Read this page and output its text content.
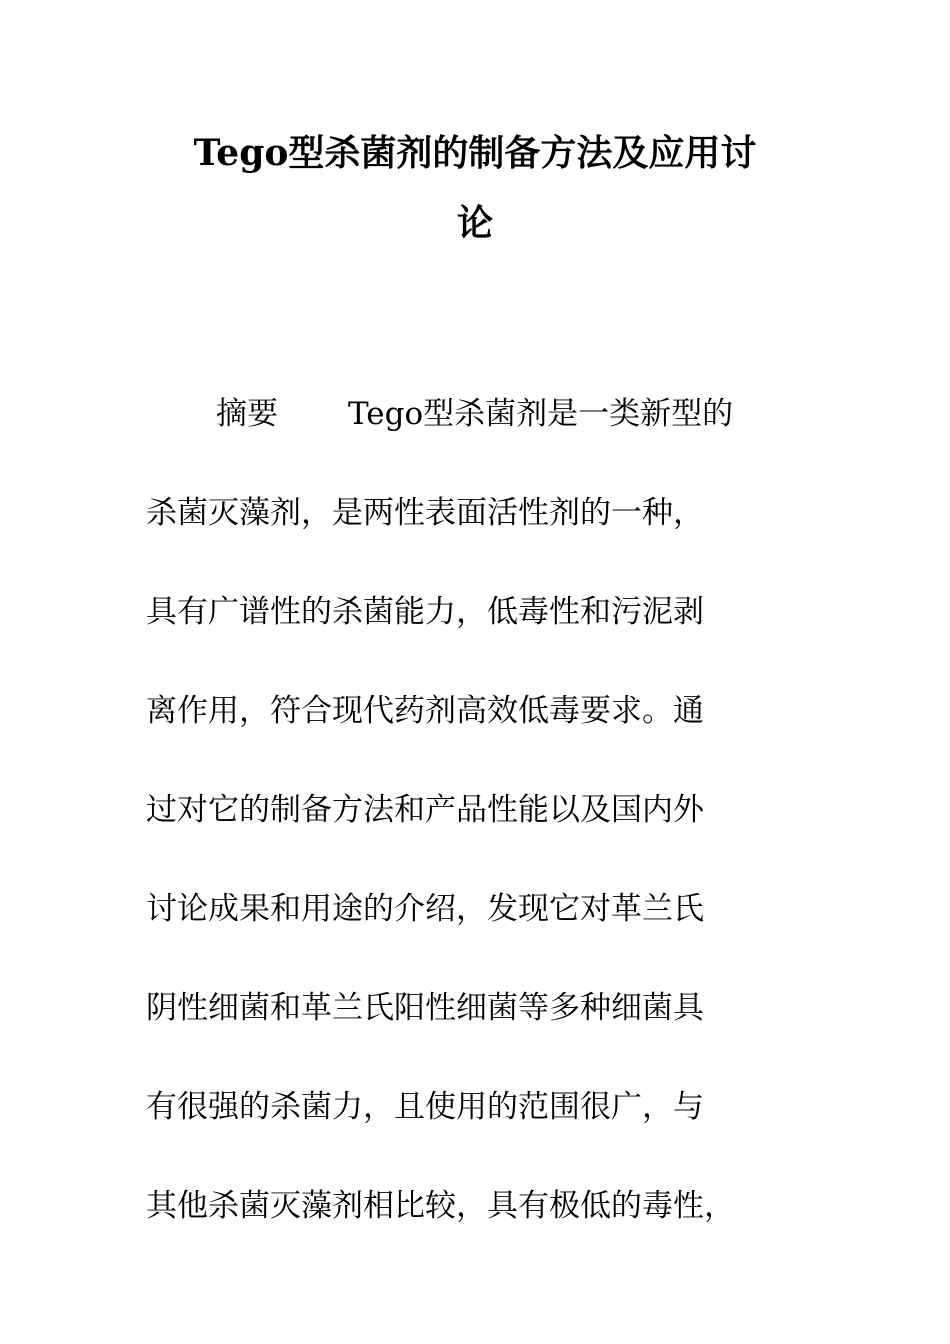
Tego型杀菌剂的制备方法及应用讨
论
摘要 Tego型杀菌剂是一类新型的
杀菌灭藻剂，是两性表面活性剂的一种，
具有广谱性的杀菌能力，低毒性和污泥剥
离作用，符合现代药剂高效低毒要求。通
过对它的制备方法和产品性能以及国内外
讨论成果和用途的介绍，发现它对革兰氏
阴性细菌和革兰氏阳性细菌等多种细菌具
有很强的杀菌力，且使用的范围很广，与
其他杀菌灭藻剂相比较，具有极低的毒性，
